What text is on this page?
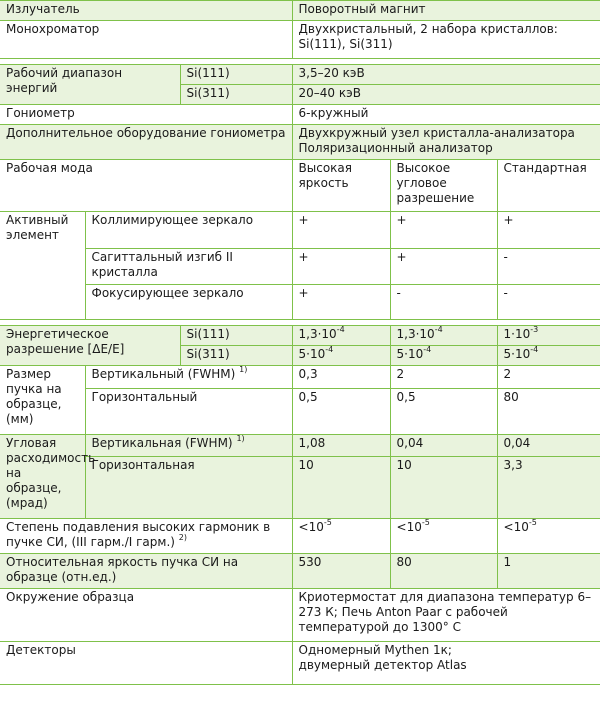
Излучатель			Поворотный магнит		
Монохроматор			Двухкристальный, 2 набора кристаллов: Si(111), Si(311)		

Рабочий диапазон энергий		Si(111)	3,5–20 кэВ		
		Si(311)	20–40 кэВ		
Гониометр			6-кружный		
Дополнительное оборудование гониометра			Двухкружный узел кристалла-анализатора
Поляризационный анализатор		

Рабочая мода			Высокая яркость	Высокое угловое разрешение	Стандартная
Активный элемент	Коллимирующее зеркало		+	+	+
	Сагиттальный изгиб II кристалла		+	+	-
	Фокусирующее зеркало		+	-	-

Энергетическое разрешение [ΔE/E]		Si(111)	$1,3\cdot 10^{-4}$	$1,3\cdot 10^{-4}$	$1\cdot 10^{-3}$
		Si(311)	$5\cdot 10^{-4}$	$5\cdot 10^{-4}$	$5\cdot 10^{-4}$
Размер пучка на образце, (мм)	Вертикальный (FWHM) $^{1)}$		0,3	2	2
	Горизонтальный		0,5	0,5	80
Угловая расходимость на образце, (мрад)	Вертикальная (FWHM) $^{1)}$		1,08	0,04	0,04
	Горизонтальная		10	10	3,3
Степень подавления высоких гармоник в пучке СИ, (III гарм./I гарм.) $^{2)}$			$<10^{-5}$	$<10^{-5}$	$<10^{-5}$
Относительная яркость пучка СИ на образце (отн.ед.)			530	80	1
Окружение образца			Криотермостат для диапазона температур 6–273 К; Печь Anton Paar с рабочей температурой до 1300° С		
Детекторы			Одномерный Mythen 1к;
двумерный детектор Atlas		
